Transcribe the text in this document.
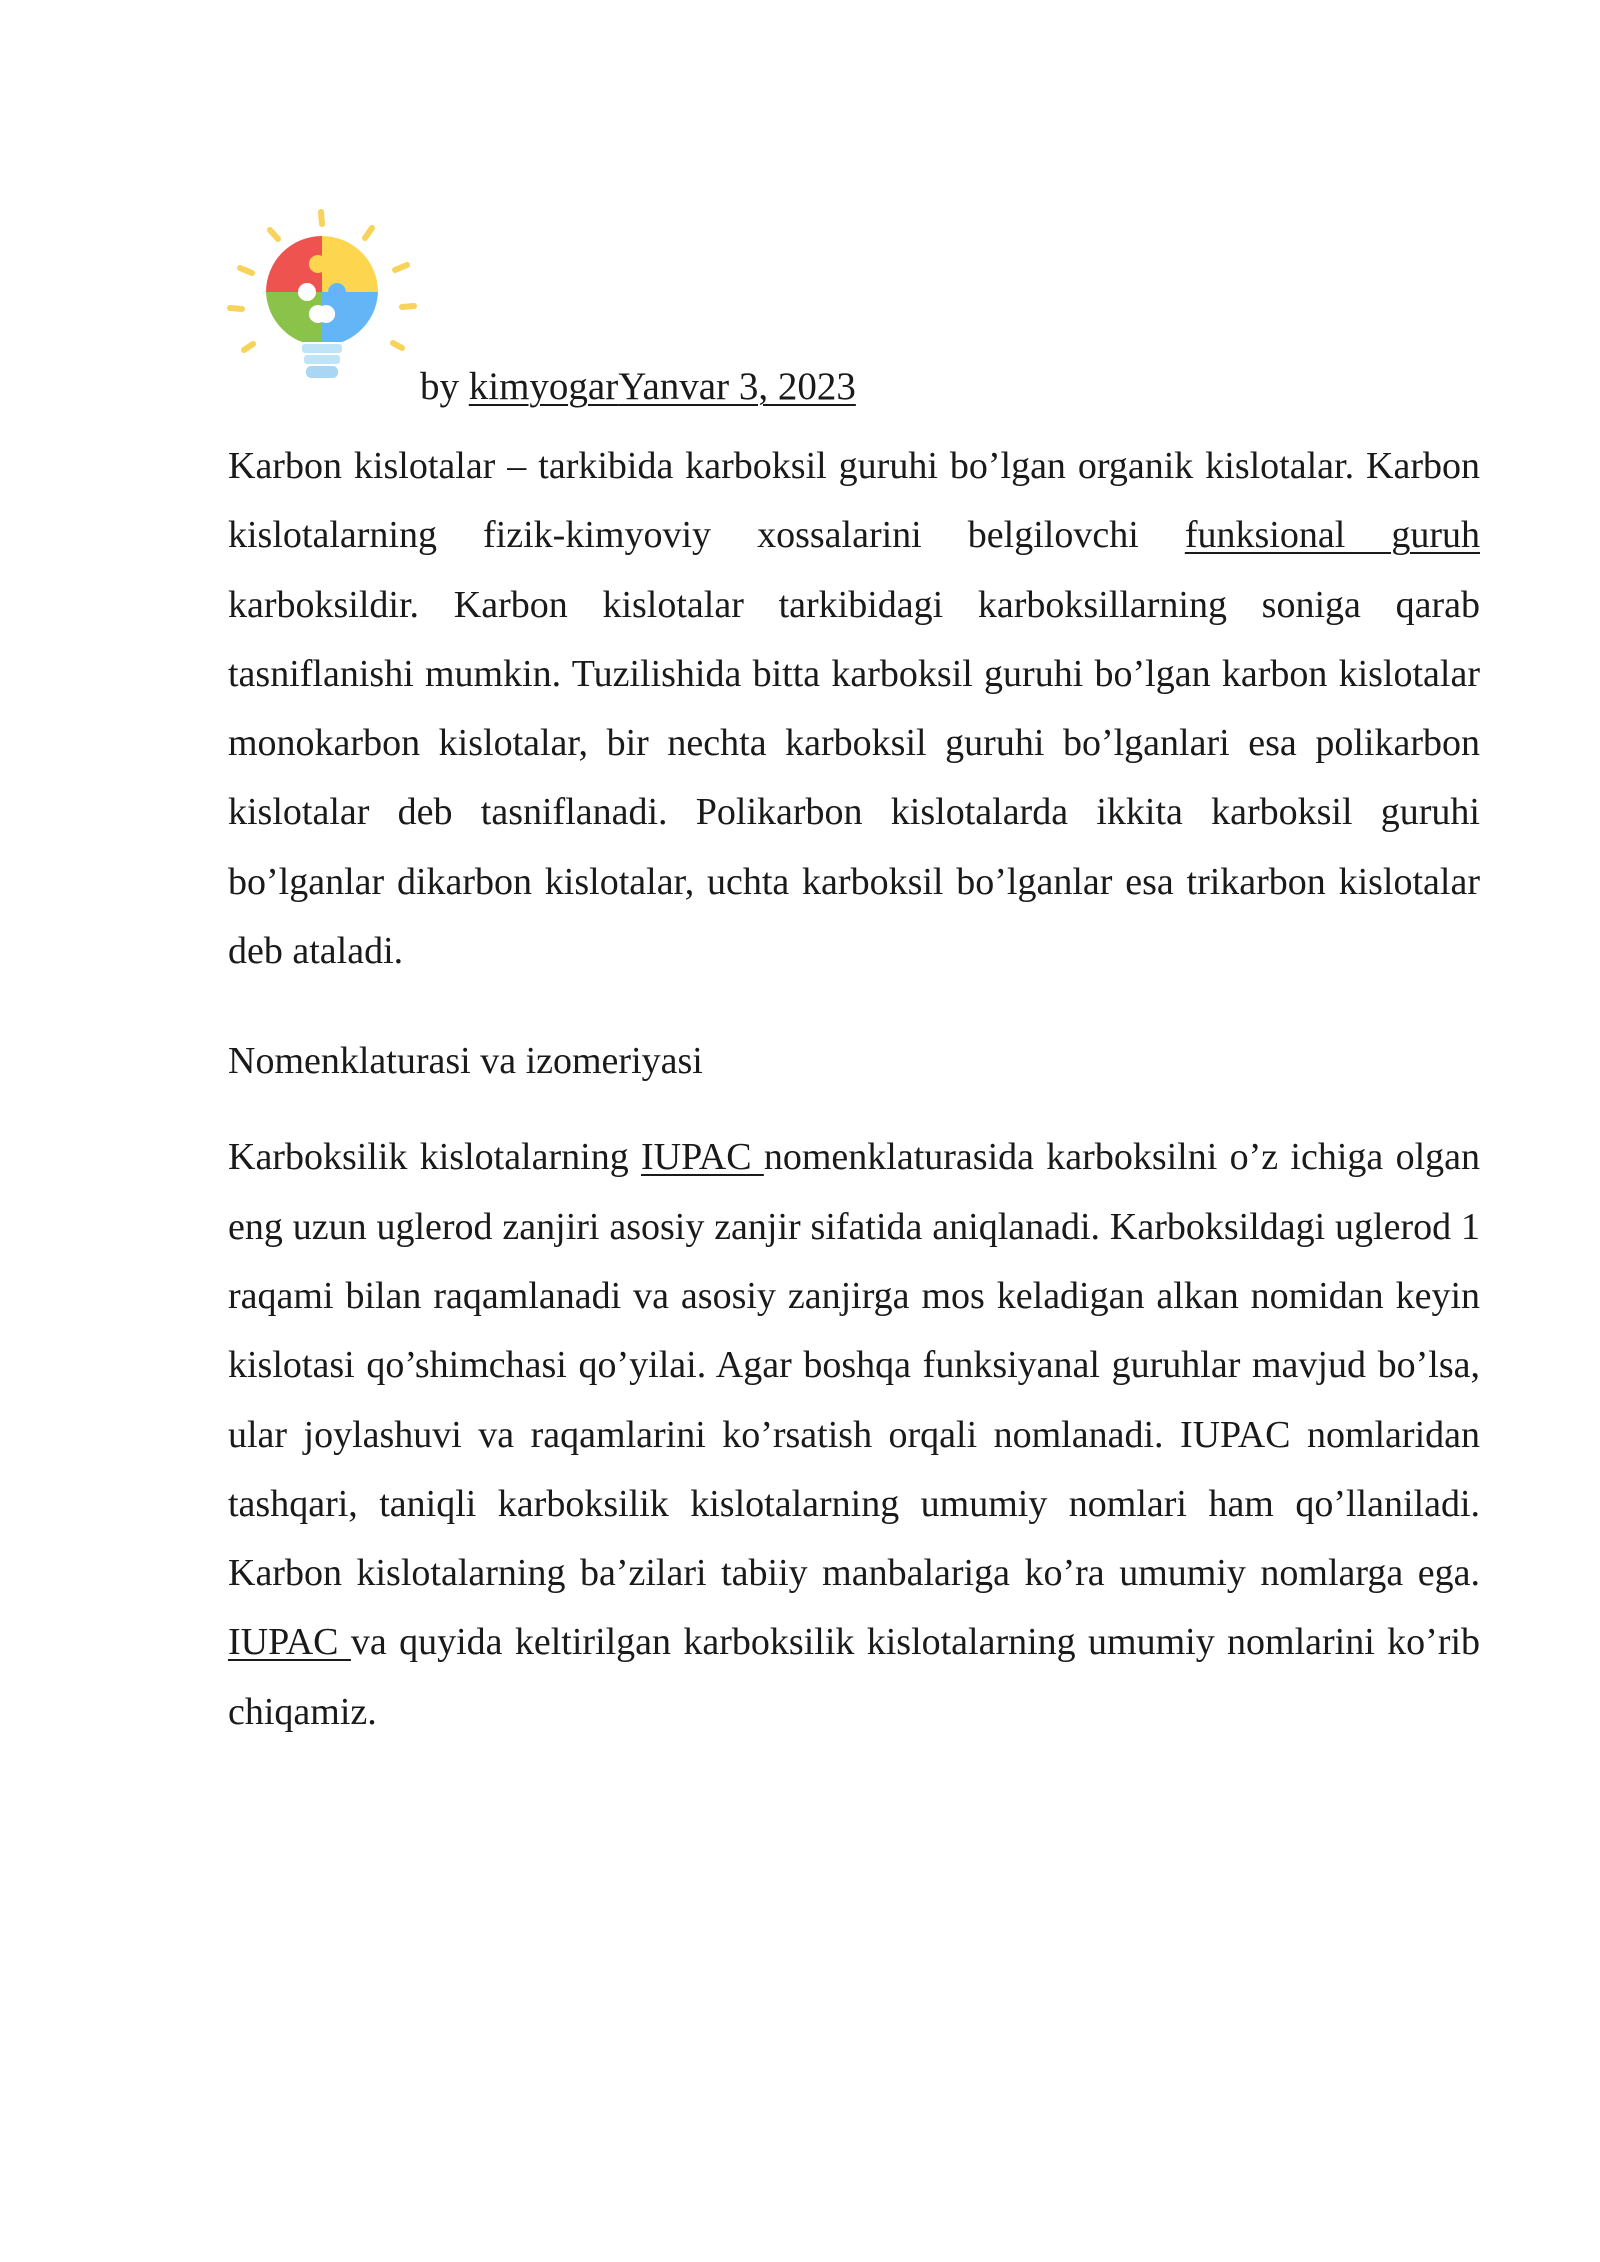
by kimyogarYanvar 3, 2023

Karbon kislotalar – tarkibida karboksil guruhi bo’lgan organik kislotalar. Karbon kislotalarning fizik-kimyoviy xossalarini belgilovchi funksional guruh karboksildir. Karbon kislotalar tarkibidagi karboksillarning soniga qarab tasniflanishi mumkin. Tuzilishida bitta karboksil guruhi bo’lgan karbon kislotalar monokarbon kislotalar, bir nechta karboksil guruhi bo’lganlari esa polikarbon kislotalar deb tasniflanadi. Polikarbon kislotalarda ikkita karboksil guruhi bo’lganlar dikarbon kislotalar, uchta karboksil bo’lganlar esa trikarbon kislotalar deb ataladi.

Nomenklaturasi va izomeriyasi

Karboksilik kislotalarning IUPAC nomenklaturasida karboksilni o’z ichiga olgan eng uzun uglerod zanjiri asosiy zanjir sifatida aniqlanadi. Karboksildagi uglerod 1 raqami bilan raqamlanadi va asosiy zanjirga mos keladigan alkan nomidan keyin kislotasi qo’shimchasi qo’yilai. Agar boshqa funksiyanal guruhlar mavjud bo’lsa, ular joylashuvi va raqamlarini ko’rsatish orqali nomlanadi. IUPAC nomlaridan tashqari, taniqli karboksilik kislotalarning umumiy nomlari ham qo’llaniladi. Karbon kislotalarning ba’zilari tabiiy manbalariga ko’ra umumiy nomlarga ega. IUPAC va quyida keltirilgan karboksilik kislotalarning umumiy nomlarini ko’rib chiqamiz.
